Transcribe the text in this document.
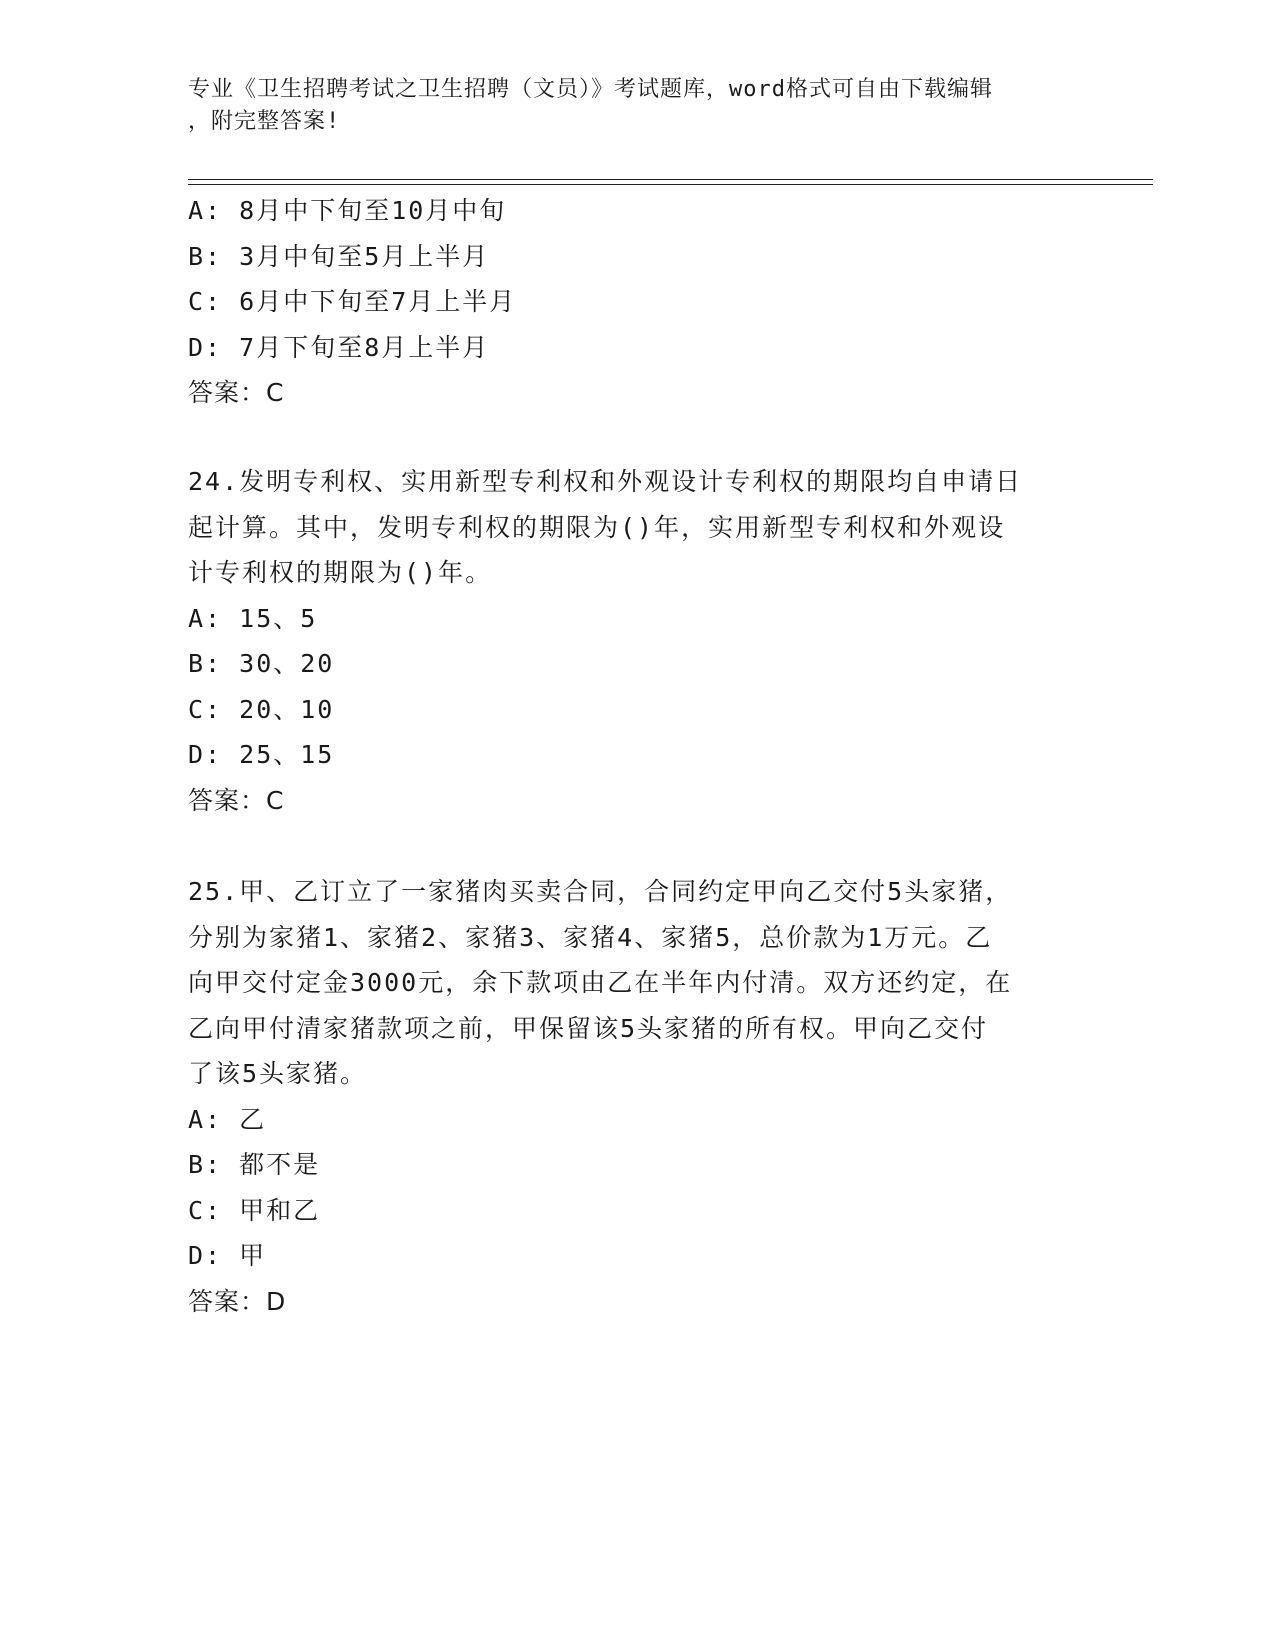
专业《卫生招聘考试之卫生招聘（文员）》考试题库，word格式可自由下载编辑
，附完整答案!
A: 8月中下旬至10月中旬
B: 3月中旬至5月上半月
C: 6月中下旬至7月上半月
D: 7月下旬至8月上半月
答案：C
24.发明专利权、实用新型专利权和外观设计专利权的期限均自申请日
起计算。其中，发明专利权的期限为()年，实用新型专利权和外观设
计专利权的期限为()年。
A: 15、5
B: 30、20
C: 20、10
D: 25、15
答案：C
25.甲、乙订立了一家猪肉买卖合同，合同约定甲向乙交付5头家猪，
分别为家猪1、家猪2、家猪3、家猪4、家猪5，总价款为1万元。乙
向甲交付定金3000元，余下款项由乙在半年内付清。双方还约定，在
乙向甲付清家猪款项之前，甲保留该5头家猪的所有权。甲向乙交付
了该5头家猪。
A: 乙
B: 都不是
C: 甲和乙
D: 甲
答案：D
